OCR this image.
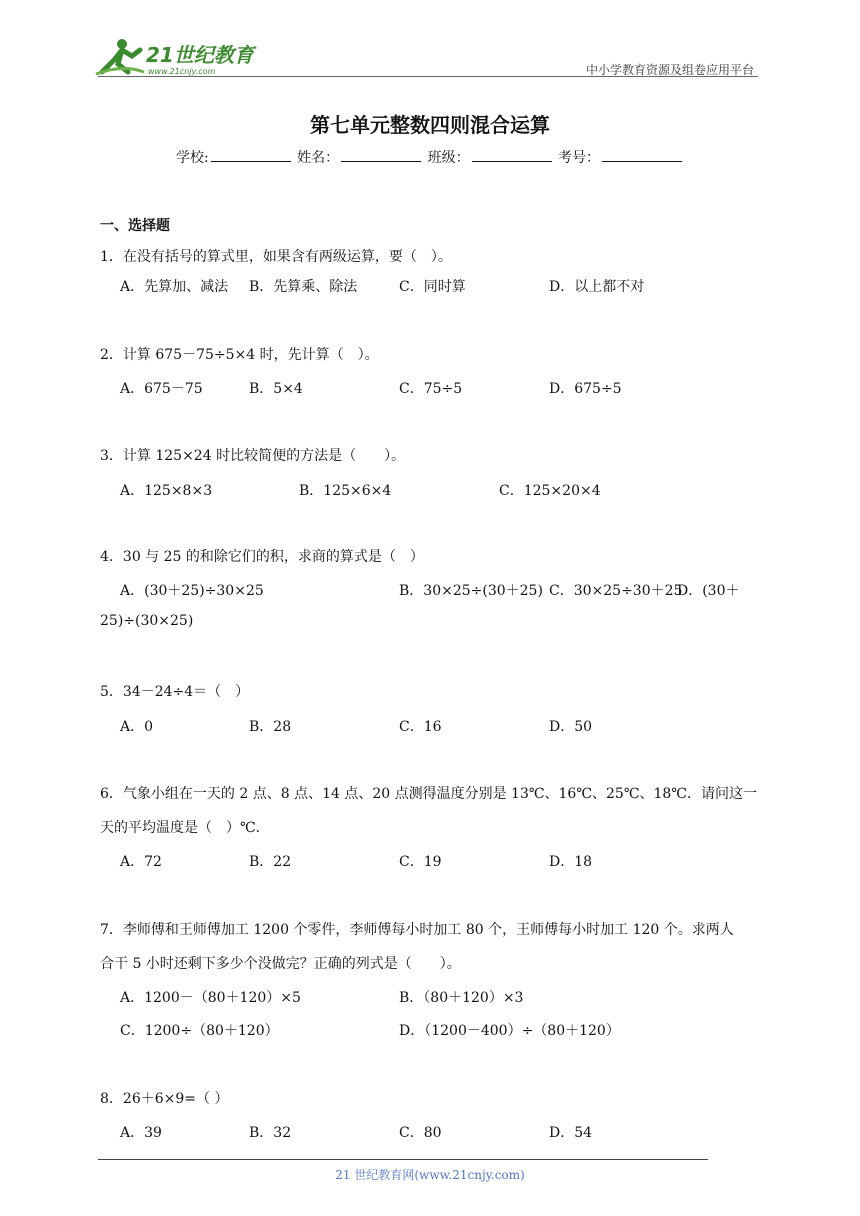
21世纪教育
www.21cnjy.com	中小学教育资源及组卷应用平台
第七单元整数四则混合运算
学校:	姓名：	班级：	考号：
一、选择题
1．在没有括号的算式里，如果含有两级运算，要（　）。
A．先算加、减法 B．先算乘、除法	C．同时算	D．以上都不对
2．计算 675－75÷5×4 时，先计算（　）。
A．675－75	B．5×4	C．75÷5	D．675÷5
3．计算 125×24 时比较简便的方法是（　　）。
A．125×8×3	B．125×6×4	C．125×20×4
4．30 与 25 的和除它们的积，求商的算式是（　）
A．(30＋25)÷30×25	B．30×25÷(30＋25) C．30×25÷30＋25
D．(30＋
25)÷(30×25)
5．34－24÷4＝（　）
A．0	B．28	C．16	D．50
6．气象小组在一天的 2 点、8 点、14 点、20 点测得温度分别是 13℃、16℃、25℃、18℃．请问这一
天的平均温度是（　）℃．
A．72	B．22	C．19	D．18
7．李师傅和王师傅加工 1200 个零件，李师傅每小时加工 80 个，王师傅每小时加工 120 个。求两人
合干 5 小时还剩下多少个没做完？正确的列式是（　　）。
A．1200－（80＋120）×5	B．（80＋120）×3
C．1200÷（80＋120）	D．（1200－400）÷（80＋120）
8．26＋6×9=（ ）
A．39	B．32	C．80	D．54
21 世纪教育网(www.21cnjy.com)
